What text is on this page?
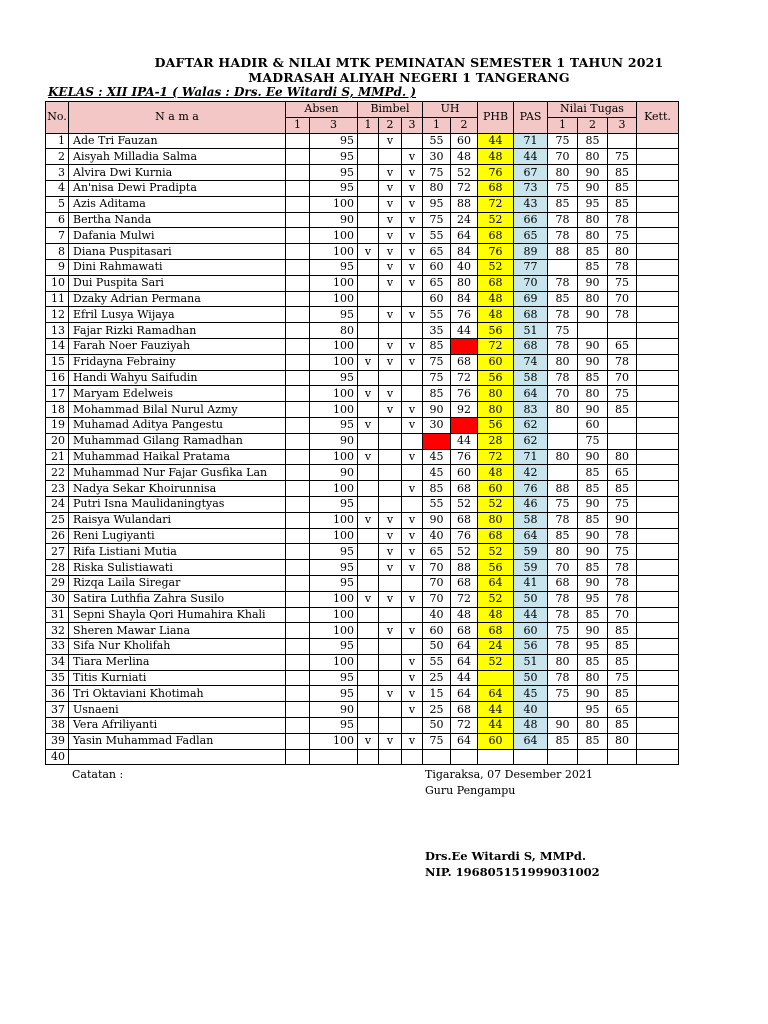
DAFTAR HADIR & NILAI MTK PEMINATAN SEMESTER 1 TAHUN 2021
MADRASAH ALIYAH NEGERI 1 TANGERANG
KELAS : XII IPA-1 ( Walas : Drs. Ee Witardi S, MMPd. )
No.	N a m a	Absen		Bimbel			UH		PHB	PAS	Nilai Tugas			Kett.
		1	3	1	2	3	1	2			1	2	3	
1	Ade Tri Fauzan		95		v		55	60	44	71	75	85		
2	Aisyah Milladia Salma		95			v	30	48	48	44	70	80	75	
3	Alvira Dwi Kurnia		95		v	v	75	52	76	67	80	90	85	
4	An'nisa Dewi Pradipta		95		v	v	80	72	68	73	75	90	85	
5	Azis Aditama		100		v	v	95	88	72	43	85	95	85	
6	Bertha Nanda		90		v	v	75	24	52	66	78	80	78	
7	Dafania Mulwi		100		v	v	55	64	68	65	78	80	75	
8	Diana Puspitasari		100	v	v	v	65	84	76	89	88	85	80	
9	Dini Rahmawati		95		v	v	60	40	52	77		85	78	
10	Dui Puspita Sari		100		v	v	65	80	68	70	78	90	75	
11	Dzaky Adrian Permana		100				60	84	48	69	85	80	70	
12	Efril Lusya Wijaya		95		v	v	55	76	48	68	78	90	78	
13	Fajar Rizki Ramadhan		80				35	44	56	51	75			
14	Farah Noer Fauziyah		100		v	v	85		72	68	78	90	65	
15	Fridayna Febrainy		100	v	v	v	75	68	60	74	80	90	78	
16	Handi Wahyu Saifudin		95				75	72	56	58	78	85	70	
17	Maryam Edelweis		100	v	v		85	76	80	64	70	80	75	
18	Mohammad Bilal Nurul Azmy		100		v	v	90	92	80	83	80	90	85	
19	Muhamad Aditya Pangestu		95	v		v	30		56	62		60		
20	Muhammad Gilang Ramadhan		90					44	28	62		75		
21	Muhammad Haikal Pratama		100	v		v	45	76	72	71	80	90	80	
22	Muhammad Nur Fajar Gusfika Lan		90				45	60	48	42		85	65	
23	Nadya Sekar Khoirunnisa		100			v	85	68	60	76	88	85	85	
24	Putri Isna Maulidaningtyas		95				55	52	52	46	75	90	75	
25	Raisya Wulandari		100	v	v	v	90	68	80	58	78	85	90	
26	Reni Lugiyanti		100		v	v	40	76	68	64	85	90	78	
27	Rifa Listiani Mutia		95		v	v	65	52	52	59	80	90	75	
28	Riska Sulistiawati		95		v	v	70	88	56	59	70	85	78	
29	Rizqa Laila Siregar		95				70	68	64	41	68	90	78	
30	Satira Luthfia Zahra Susilo		100	v	v	v	70	72	52	50	78	95	78	
31	Sepni Shayla Qori Humahira Khali		100				40	48	48	44	78	85	70	
32	Sheren Mawar Liana		100		v	v	60	68	68	60	75	90	85	
33	Sifa Nur Kholifah		95				50	64	24	56	78	95	85	
34	Tiara Merlina		100			v	55	64	52	51	80	85	85	
35	Titis Kurniati		95			v	25	44		50	78	80	75	
36	Tri Oktaviani Khotimah		95		v	v	15	64	64	45	75	90	85	
37	Usnaeni		90			v	25	68	44	40		95	65	
38	Vera Afriliyanti		95				50	72	44	48	90	80	85	
39	Yasin Muhammad Fadlan		100	v	v	v	75	64	60	64	85	85	80	
40														
Catatan :	Tigaraksa, 07 Desember 2021
Guru Pengampu
Drs.Ee Witardi S, MMPd.
NIP. 196805151999031002
